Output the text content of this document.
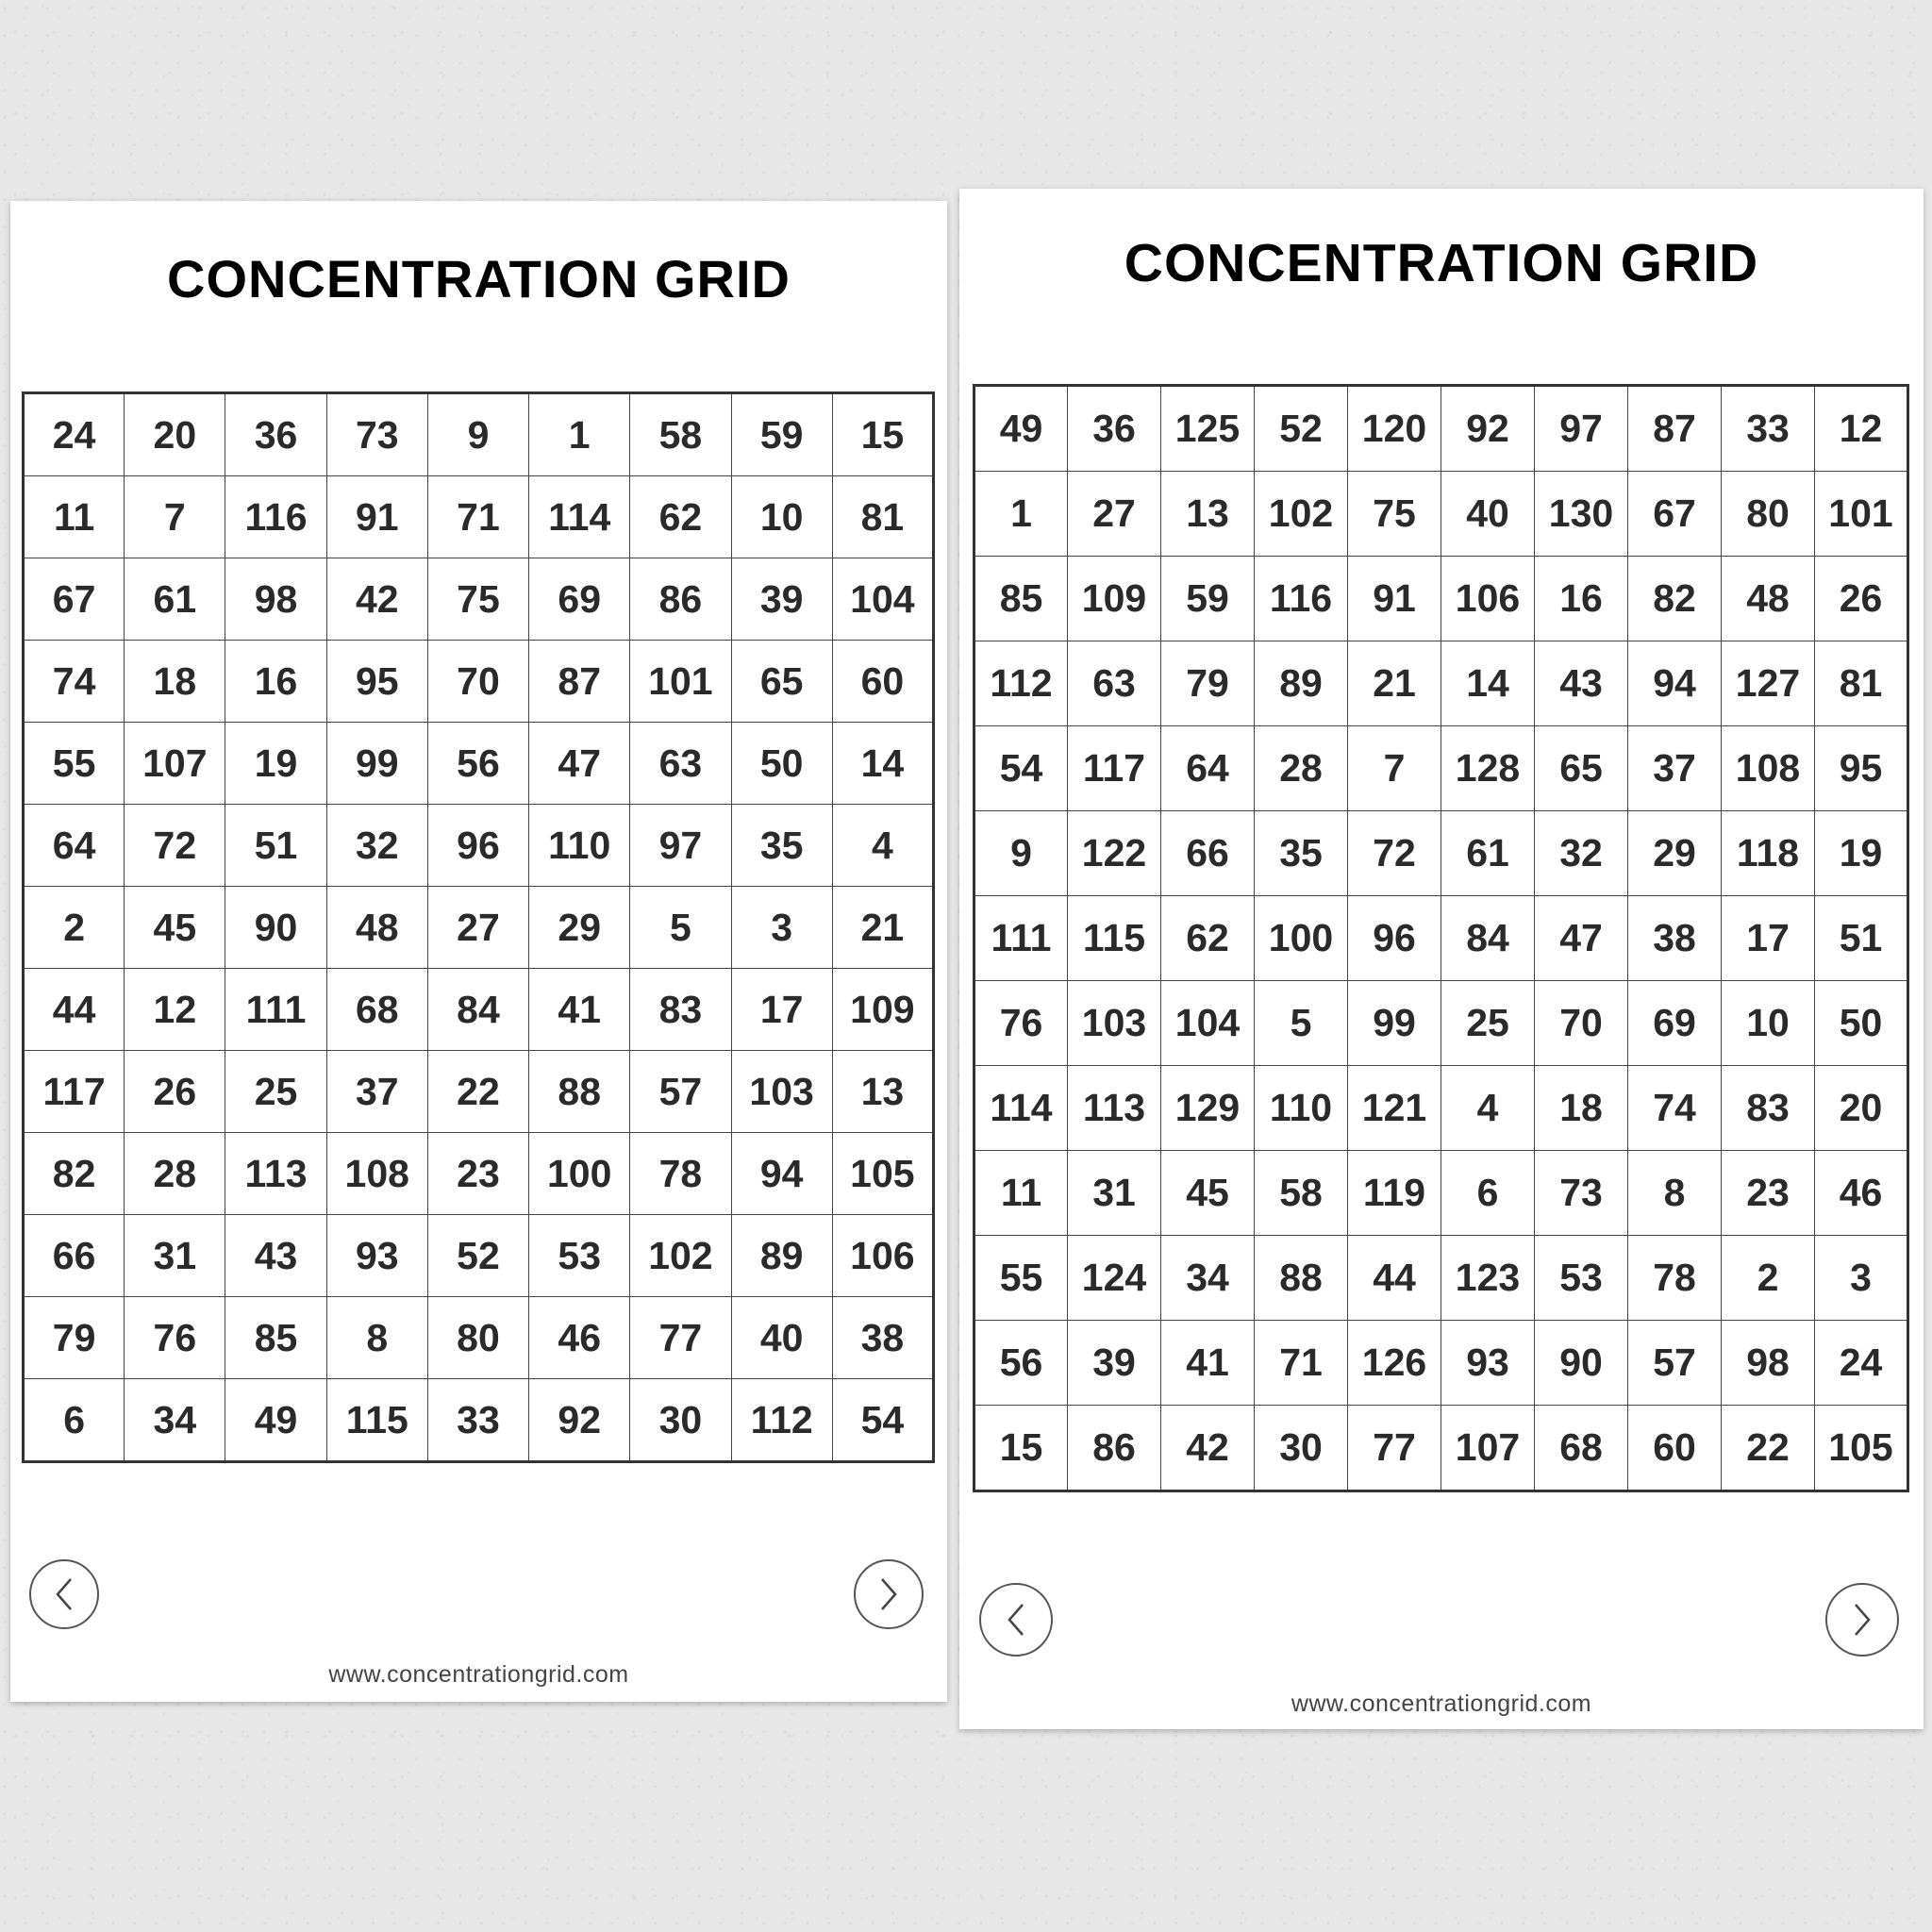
CONCENTRATION GRID
24	20	36	73	9	1	58	59	15
11	7	116	91	71	114	62	10	81
67	61	98	42	75	69	86	39	104
74	18	16	95	70	87	101	65	60
55	107	19	99	56	47	63	50	14
64	72	51	32	96	110	97	35	4
2	45	90	48	27	29	5	3	21
44	12	111	68	84	41	83	17	109
117	26	25	37	22	88	57	103	13
82	28	113	108	23	100	78	94	105
66	31	43	93	52	53	102	89	106
79	76	85	8	80	46	77	40	38
6	34	49	115	33	92	30	112	54
www.concentrationgrid.com
CONCENTRATION GRID
49	36	125	52	120	92	97	87	33	12
1	27	13	102	75	40	130	67	80	101
85	109	59	116	91	106	16	82	48	26
112	63	79	89	21	14	43	94	127	81
54	117	64	28	7	128	65	37	108	95
9	122	66	35	72	61	32	29	118	19
111	115	62	100	96	84	47	38	17	51
76	103	104	5	99	25	70	69	10	50
114	113	129	110	121	4	18	74	83	20
11	31	45	58	119	6	73	8	23	46
55	124	34	88	44	123	53	78	2	3
56	39	41	71	126	93	90	57	98	24
15	86	42	30	77	107	68	60	22	105
www.concentrationgrid.com
